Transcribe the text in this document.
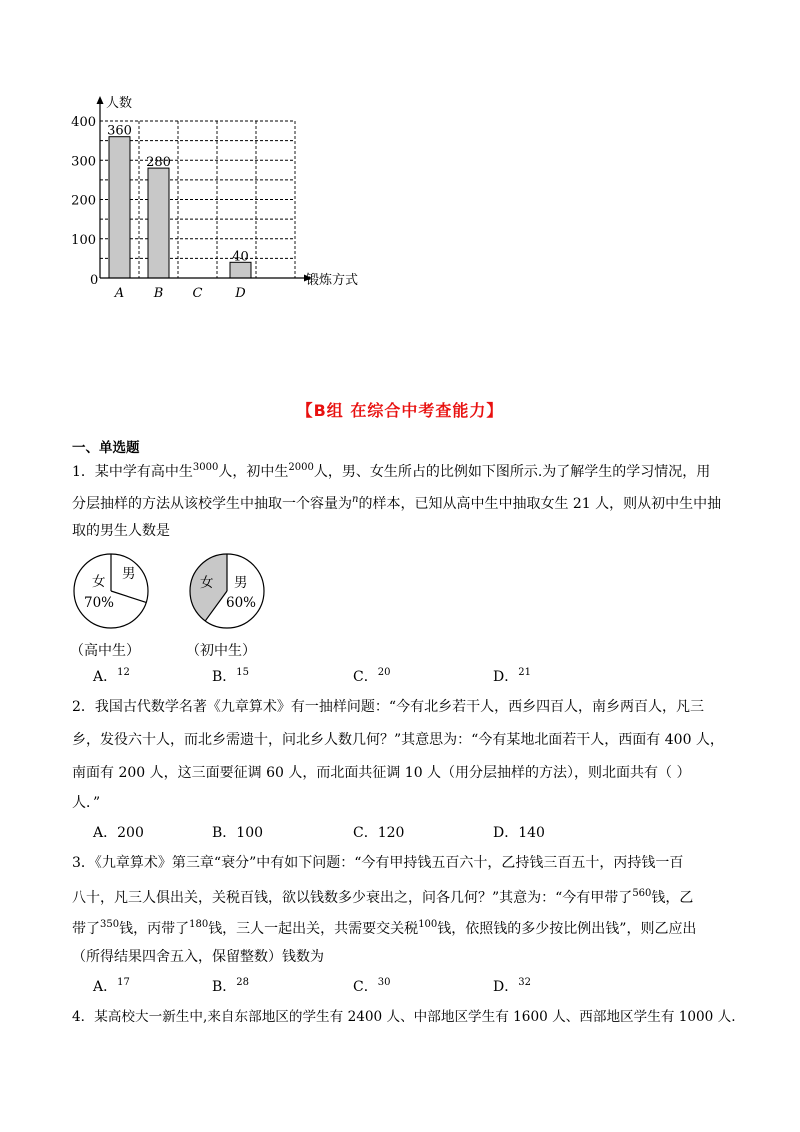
人数
锻炼方式
0
100
200
300
400
A B C	D
360
280
40
【B组 在综合中考查能力】
一、单选题
1．某中学有高中生$^{3000}$人，初中生$^{2000}$人，男、女生所占的比例如下图所示.为了解学生的学习情况，用
分层抽样的方法从该校学生中抽取一个容量为$^n$的样本，已知从高中生中抽取女生 21 人，则从初中生中抽
取的男生人数是
女
70%
男
女 男
60%
（高中生）	（初中生）
A．$^{12}$	B．$^{15}$	C．$^{20}$	D．$^{21}$
2．我国古代数学名著《九章算术》有一抽样问题：“今有北乡若干人，西乡四百人，南乡两百人，凡三
乡，发役六十人，而北乡需遗十，问北乡人数几何？”其意思为：“今有某地北面若干人，西面有 400 人，
南面有 200 人，这三面要征调 60 人，而北面共征调 10 人（用分层抽样的方法），则北面共有（ ）
人．”
A．200	B．100	C．120	D．140
3．《九章算术》第三章“衰分”中有如下问题：“今有甲持钱五百六十，乙持钱三百五十，丙持钱一百
八十，凡三人俱出关，关税百钱，欲以钱数多少衰出之，问各几何？”其意为：“今有甲带了$^{560}$钱，乙
带了$^{350}$钱，丙带了$^{180}$钱，三人一起出关，共需要交关税$^{100}$钱，依照钱的多少按比例出钱”，则乙应出
（所得结果四舍五入，保留整数）钱数为
A．$^{17}$	B．$^{28}$	C．$^{30}$	D．$^{32}$
4．某高校大一新生中,来自东部地区的学生有 2400 人、中部地区学生有 1600 人、西部地区学生有 1000 人.
